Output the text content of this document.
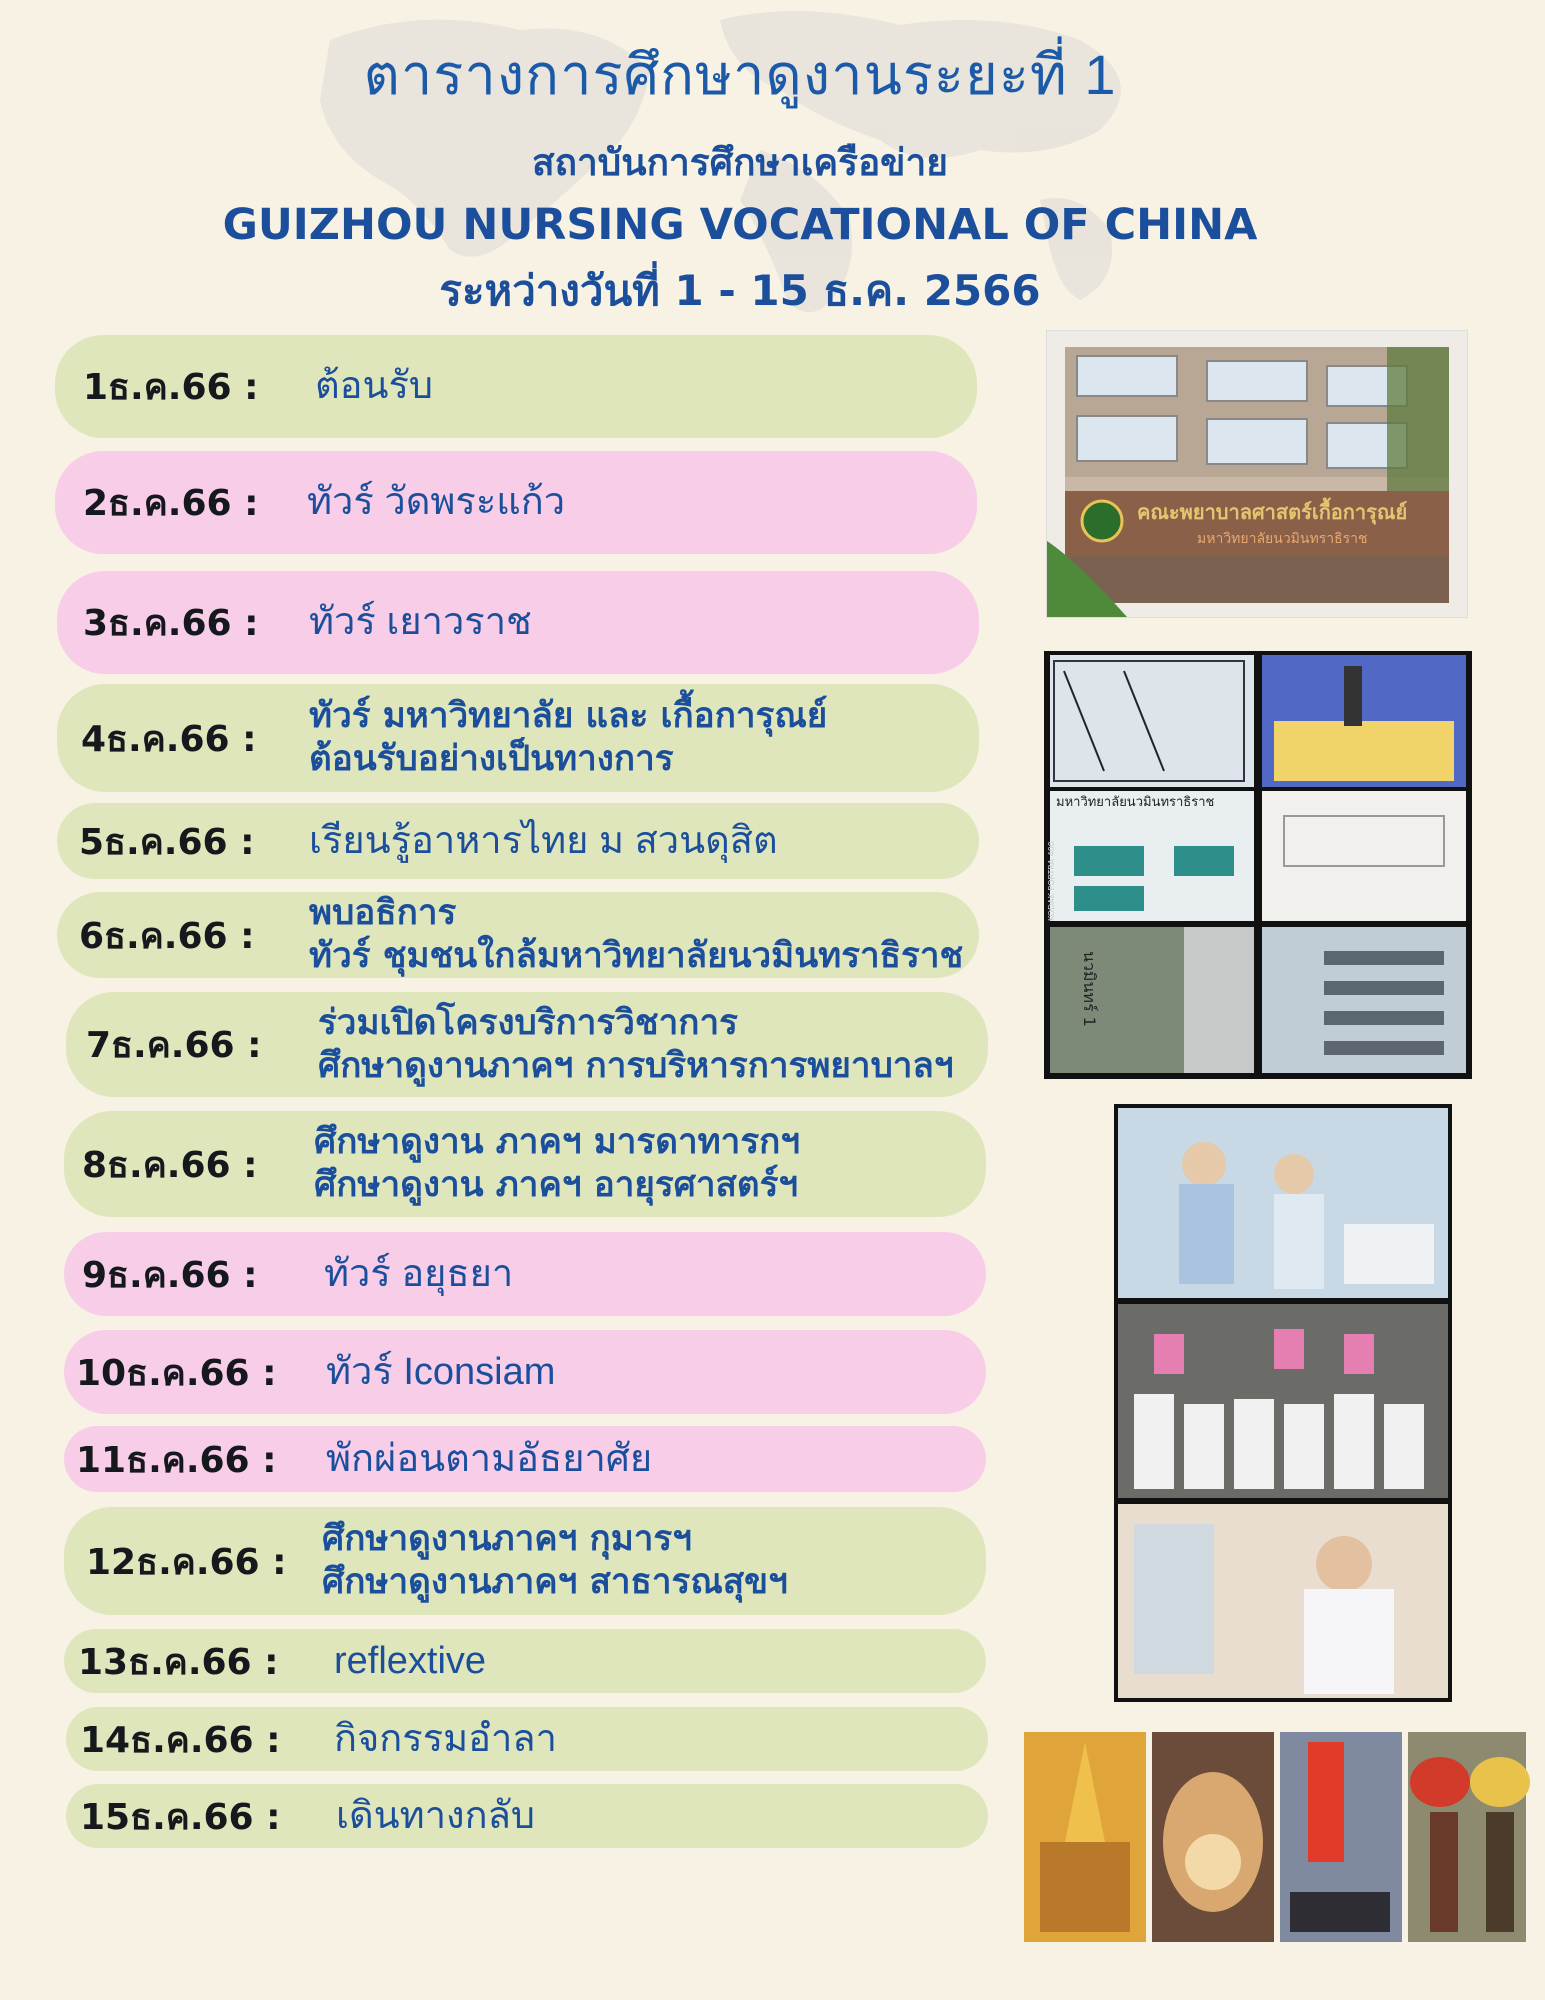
ตารางการศึกษาดูงานระยะที่ 1
สถาบันการศึกษาเครือข่าย
GUIZHOU NURSING VOCATIONAL OF CHINA
ระหว่างวันที่ 1 - 15 ธ.ค. 2566
1ธ.ค.66 : ต้อนรับ
2ธ.ค.66 : ทัวร์ วัดพระแก้ว
3ธ.ค.66 : ทัวร์ เยาวราช
4ธ.ค.66 :
ทัวร์ มหาวิทยาลัย และ เกื้อการุณย์
ต้อนรับอย่างเป็นทางการ
5ธ.ค.66 : เรียนรู้อาหารไทย ม สวนดุสิต
6ธ.ค.66 :
พบอธิการ
ทัวร์ ชุมชนใกล้มหาวิทยาลัยนวมินทราธิราช
7ธ.ค.66 :
ร่วมเปิดโครงบริการวิชาการ
ศึกษาดูงานภาคฯ การบริหารการพยาบาลฯ
8ธ.ค.66 :
ศึกษาดูงาน ภาคฯ มารดาทารกฯ
ศึกษาดูงาน ภาคฯ อายุรศาสตร์ฯ
9ธ.ค.66 : ทัวร์ อยุธยา
10ธ.ค.66 : ทัวร์ Iconsiam
11ธ.ค.66 : พักผ่อนตามอัธยาศัย
12ธ.ค.66 :
ศึกษาดูงานภาคฯ กุมารฯ
ศึกษาดูงานภาคฯ สาธารณสุขฯ
13ธ.ค.66 : reflextive
14ธ.ค.66 : กิจกรรมอำลา
15ธ.ค.66 : เดินทางกลับ
คณะพยาบาลศาสตร์เกื้อการุณย์
มหาวิทยาลัยนวมินทราธิราช
มหาวิทยาลัยนวมินทราธิราช
นวมินทร์ 1
KODAK PORTRA 400
